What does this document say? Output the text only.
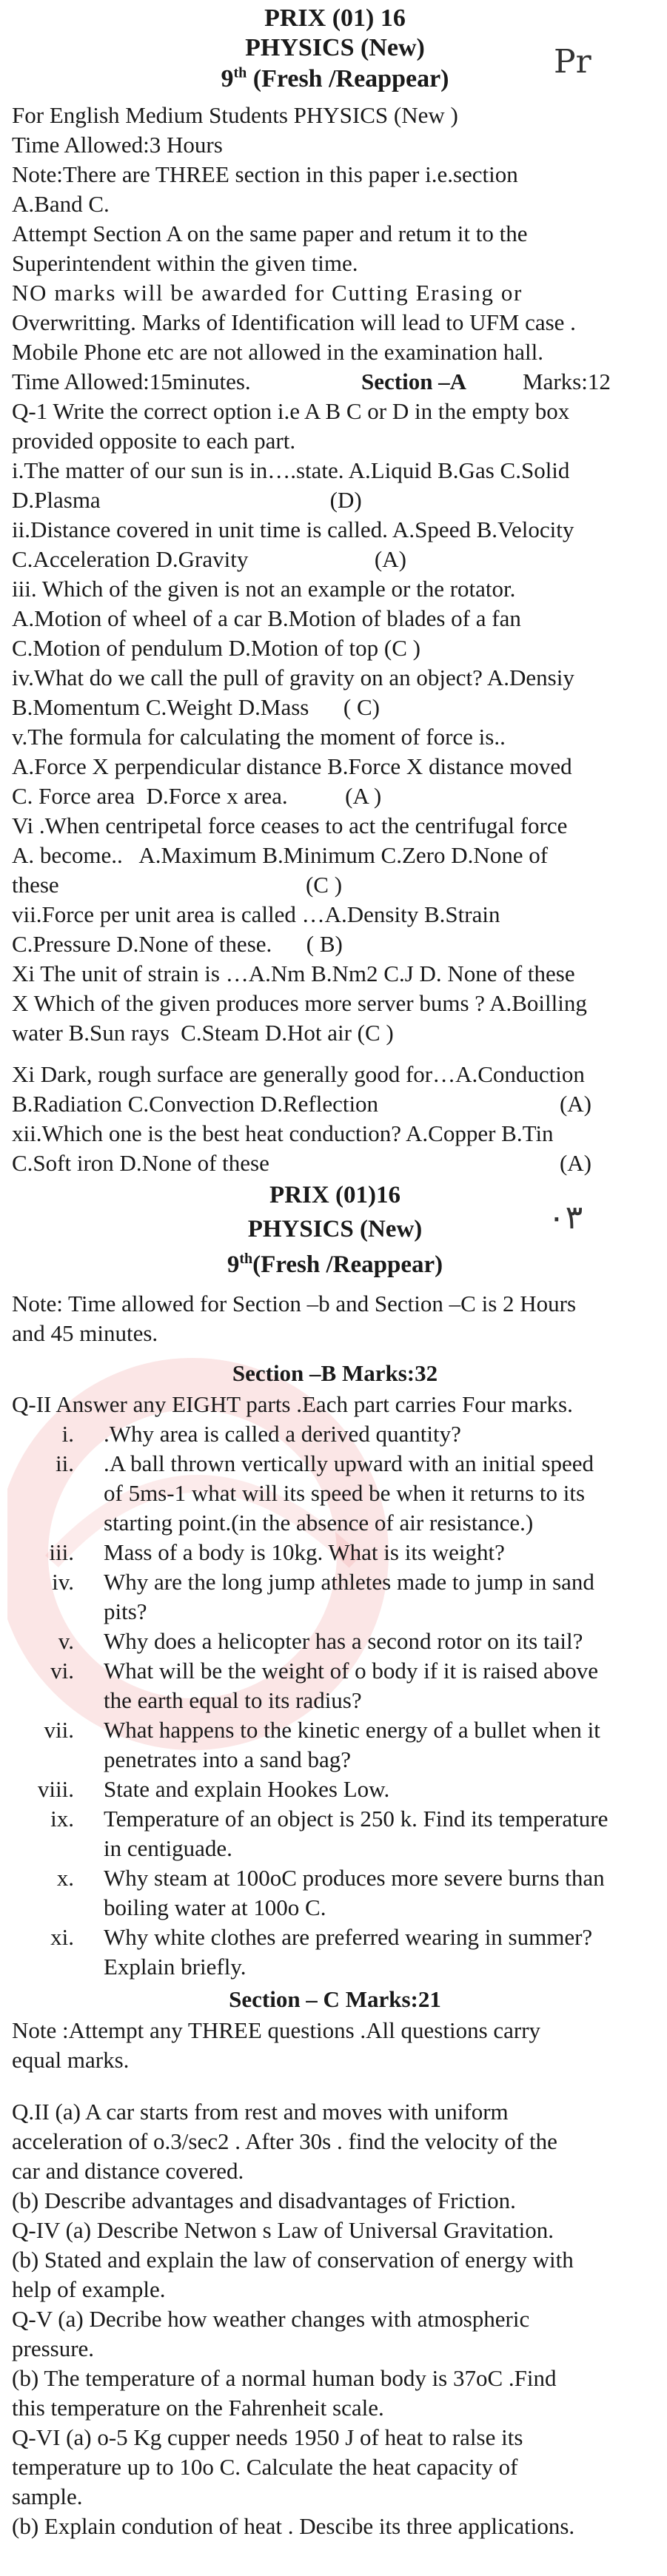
PRIX (01) 16
PHYSICS (New)
9th (Fresh /Reappear)	Pr
For English Medium Students PHYSICS (New )
Time Allowed:3 Hours
Note:There are THREE section in this paper i.e.section
A.Band C.
Attempt Section A on the same paper and retum it to the
Superintendent within the given time.
NO marks will be awarded for Cutting Erasing or
Overwritting. Marks of Identification will lead to UFM case .
Mobile Phone etc are not allowed in the examination hall.
Time Allowed:15minutes.	Section –A Marks:12
Q-1 Write the correct option i.e A B C or D in the empty box
provided opposite to each part.
i.The matter of our sun is in….state. A.Liquid B.Gas C.Solid
D.Plasma                                        (D)
ii.Distance covered in unit time is called. A.Speed B.Velocity
C.Acceleration D.Gravity                      (A)
iii. Which of the given is not an example or the rotator.
A.Motion of wheel of a car B.Motion of blades of a fan
C.Motion of pendulum D.Motion of top (C )
iv.What do we call the pull of gravity on an object? A.Densiy
B.Momentum C.Weight D.Mass      ( C)
v.The formula for calculating the moment of force is..
A.Force X perpendicular distance B.Force X distance moved
C. Force area  D.Force x area.          (A )
Vi .When centripetal force ceases to act the centrifugal force
A. become..   A.Maximum B.Minimum C.Zero D.None of
these                                           (C )
vii.Force per unit area is called …A.Density B.Strain
C.Pressure D.None of these.      ( B)
Xi The unit of strain is …A.Nm B.Nm2 C.J D. None of these
X Which of the given produces more server bums ? A.Boilling
water B.Sun rays  C.Steam D.Hot air (C )
Xi Dark, rough surface are generally good for…A.Conduction
B.Radiation C.Convection D.Reflection	(A)
xii.Which one is the best heat conduction? A.Copper B.Tin
C.Soft iron D.None of these	(A)
PRIX (01)16
PHYSICS (New)
9th(Fresh /Reappear)
۰۳
Note: Time allowed for Section –b and Section –C is 2 Hours
and 45 minutes.
Section –B Marks:32
Q-II Answer any EIGHT parts .Each part carries Four marks.
i. .Why area is called a derived quantity?
ii. .A ball thrown vertically upward with an initial speed
of 5ms-1 what will its speed be when it returns to its
starting point.(in the absence of air resistance.)
iii. Mass of a body is 10kg. What is its weight?
iv. Why are the long jump athletes made to jump in sand
pits?
v. Why does a helicopter has a second rotor on its tail?
vi. What will be the weight of o body if it is raised above
the earth equal to its radius?
vii. What happens to the kinetic energy of a bullet when it
penetrates into a sand bag?
viii. State and explain Hookes Low.
ix. Temperature of an object is 250 k. Find its temperature
in centiguade.
x. Why steam at 100oC produces more severe burns than
boiling water at 100o C.
xi. Why white clothes are preferred wearing in summer?
Explain briefly.
Section – C Marks:21
Note :Attempt any THREE questions .All questions carry
equal marks.
Q.II (a) A car starts from rest and moves with uniform
acceleration of o.3/sec2 . After 30s . find the velocity of the
car and distance covered.
(b) Describe advantages and disadvantages of Friction.
Q-IV (a) Describe Netwon s Law of Universal Gravitation.
(b) Stated and explain the law of conservation of energy with
help of example.
Q-V (a) Decribe how weather changes with atmospheric
pressure.
(b) The temperature of a normal human body is 37oC .Find
this temperature on the Fahrenheit scale.
Q-VI (a) o-5 Kg cupper needs 1950 J of heat to ralse its
temperature up to 10o C. Calculate the heat capacity of
sample.
(b) Explain condution of heat . Descibe its three applications.
